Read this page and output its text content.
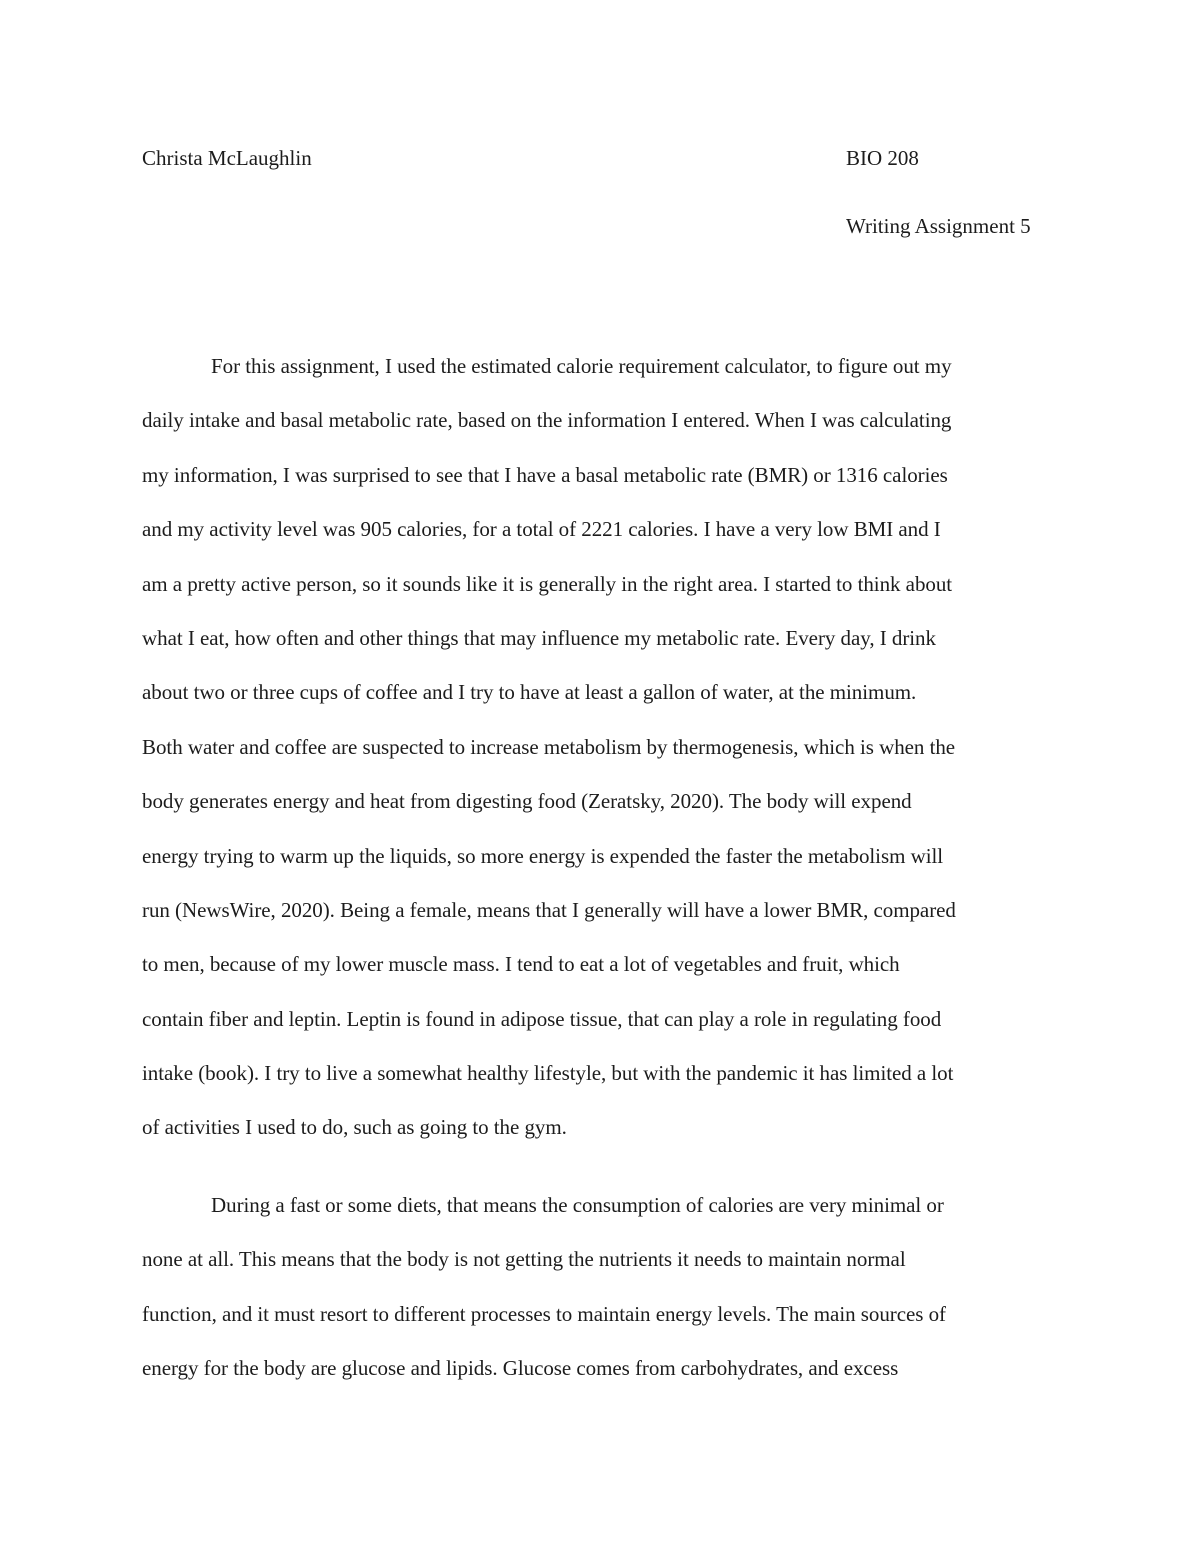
Christa McLaughlin	BIO 208
Writing Assignment 5
For this assignment, I used the estimated calorie requirement calculator, to figure out my
daily intake and basal metabolic rate, based on the information I entered. When I was calculating
my information, I was surprised to see that I have a basal metabolic rate (BMR) or 1316 calories
and my activity level was 905 calories, for a total of 2221 calories. I have a very low BMI and I
am a pretty active person, so it sounds like it is generally in the right area. I started to think about
what I eat, how often and other things that may influence my metabolic rate. Every day, I drink
about two or three cups of coffee and I try to have at least a gallon of water, at the minimum.
Both water and coffee are suspected to increase metabolism by thermogenesis, which is when the
body generates energy and heat from digesting food (Zeratsky, 2020). The body will expend
energy trying to warm up the liquids, so more energy is expended the faster the metabolism will
run (NewsWire, 2020). Being a female, means that I generally will have a lower BMR, compared
to men, because of my lower muscle mass. I tend to eat a lot of vegetables and fruit, which
contain fiber and leptin. Leptin is found in adipose tissue, that can play a role in regulating food
intake (book). I try to live a somewhat healthy lifestyle, but with the pandemic it has limited a lot
of activities I used to do, such as going to the gym.
During a fast or some diets, that means the consumption of calories are very minimal or
none at all. This means that the body is not getting the nutrients it needs to maintain normal
function, and it must resort to different processes to maintain energy levels. The main sources of
energy for the body are glucose and lipids. Glucose comes from carbohydrates, and excess
